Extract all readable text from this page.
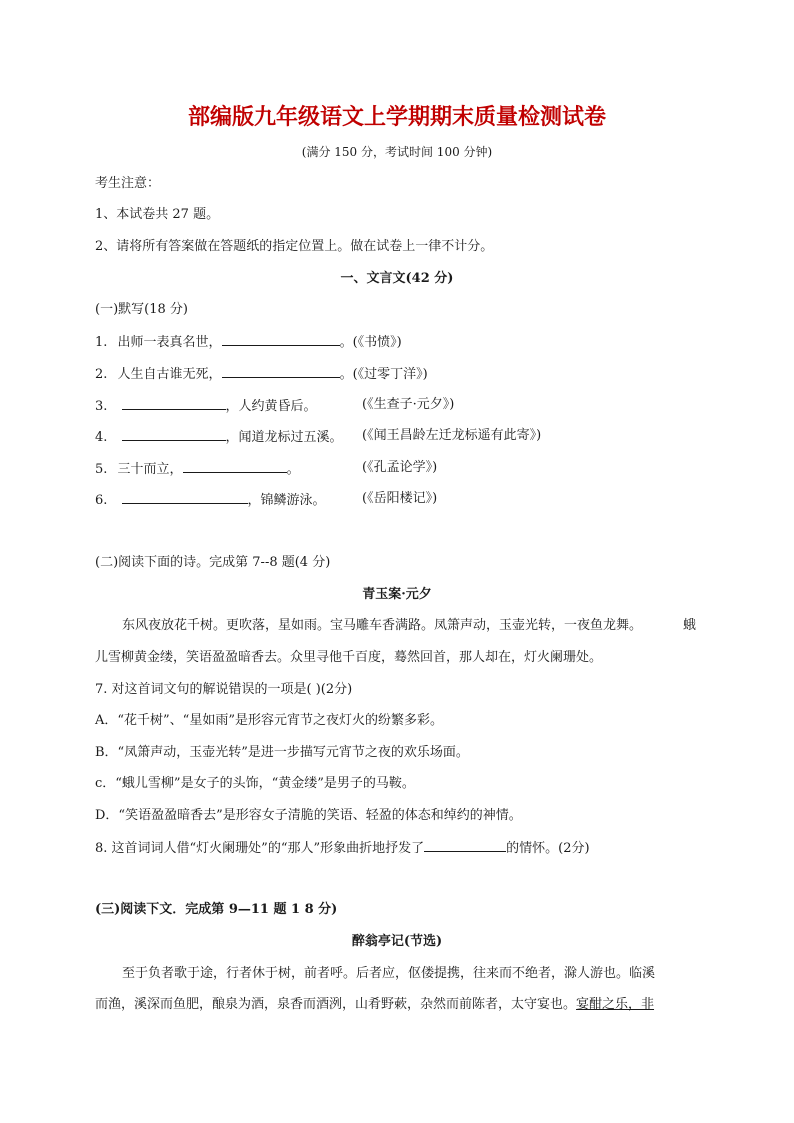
部编版九年级语文上学期期末质量检测试卷
(满分 150 分，考试时间 100 分钟)
考生注意：
1、本试卷共 27 题。
2、请将所有答案做在答题纸的指定位置上。做在试卷上一律不计分。
一、文言文(42 分)
(一)默写(18 分)
1. 出师一表真名世，	。(《书愤》)
2. 人生自古谁无死，	。(《过零丁洋》)
3.	，人约黄昏后。	(《生查子·元夕》)
4.	，闻道龙标过五溪。 (《闻王昌龄左迁龙标遥有此寄》)
5. 三十而立，	。	(《孔孟论学》)
6.	，锦鳞游泳。	(《岳阳楼记》)
(二)阅读下面的诗。完成第 7--8 题(4 分)
青玉案·元夕
东风夜放花千树。更吹落，星如雨。宝马雕车香满路。凤箫声动，玉壶光转，一夜鱼龙舞。	蛾
儿雪柳黄金缕，笑语盈盈暗香去。众里寻他千百度，蓦然回首，那人却在，灯火阑珊处。
7. 对这首词文句的解说错误的一项是( )(2分)
A．“花千树”、“星如雨”是形容元宵节之夜灯火的纷繁多彩。
B．“凤箫声动，玉壶光转”是进一步描写元宵节之夜的欢乐场面。
c．“蛾儿雪柳”是女子的头饰，“黄金缕”是男子的马鞍。
D．“笑语盈盈暗香去”是形容女子清脆的笑语、轻盈的体态和绰约的神情。
8. 这首词词人借“灯火阑珊处”的“那人”形象曲折地抒发了	的情怀。(2分)
(三)阅读下文．完成第 9—11 题 1 8 分)
醉翁亭记(节选)
至于负者歌于途，行者休于树，前者呼。后者应，伛偻提携，往来而不绝者，滁人游也。临溪
而渔，溪深而鱼肥，酿泉为酒，泉香而酒洌，山肴野蔌，杂然而前陈者，太守宴也。宴酣之乐，非
